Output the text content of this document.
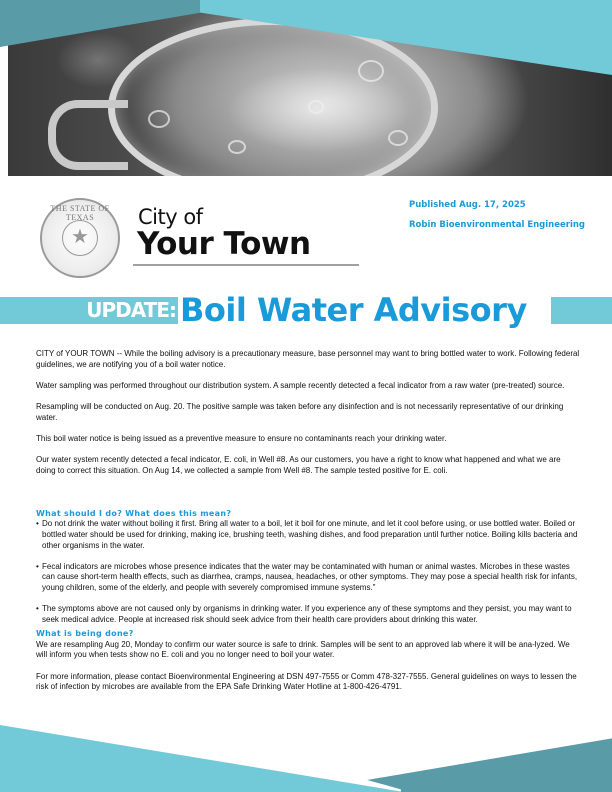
THE STATE OF TEXAS
★
City of
Your Town
Published Aug. 17, 2025
Robin Bioenvironmental Engineering
UPDATE: Boil Water Advisory

CITY of YOUR TOWN -- While the boiling advisory is a precautionary measure, base personnel may want to bring bottled water to work. Following federal guidelines, we are notifying you of a boil water notice.

Water sampling was performed throughout our distribution system. A sample recently detected a fecal indicator from a raw water (pre-treated) source.

Resampling will be conducted on Aug. 20. The positive sample was taken before any disinfection and is not necessarily representative of our drinking water.

This boil water notice is being issued as a preventive measure to ensure no contaminants reach your drinking water.

Our water system recently detected a fecal indicator, E. coli, in Well #8. As our customers, you have a right to know what happened and what we are doing to correct this situation. On Aug 14, we collected a sample from Well #8. The sample tested positive for E. coli.

What should I do? What does this mean?
• Do not drink the water without boiling it first. Bring all water to a boil, let it boil for one minute, and let it cool before using, or use bottled water. Boiled or bottled water should be used for drinking, making ice, brushing teeth, washing dishes, and food preparation until further notice. Boiling kills bacteria and other organisms in the water.
• Fecal indicators are microbes whose presence indicates that the water may be contaminated with human or animal wastes. Microbes in these wastes can cause short-term health effects, such as diarrhea, cramps, nausea, headaches, or other symptoms. They may pose a special health risk for infants, young children, some of the elderly, and people with severely compromised immune systems."
• The symptoms above are not caused only by organisms in drinking water. If you experience any of these symptoms and they persist, you may want to seek medical advice. People at increased risk should seek advice from their health care providers about drinking this water.
What is being done?

We are resampling Aug 20, Monday to confirm our water source is safe to drink. Samples will be sent to an approved lab where it will be ana-lyzed. We will inform you when tests show no E. coli and you no longer need to boil your water.

For more information, please contact Bioenvironmental Engineering at DSN 497-7555 or Comm 478-327-7555. General guidelines on ways to lessen the risk of infection by microbes are available from the EPA Safe Drinking Water Hotline at 1-800-426-4791.
